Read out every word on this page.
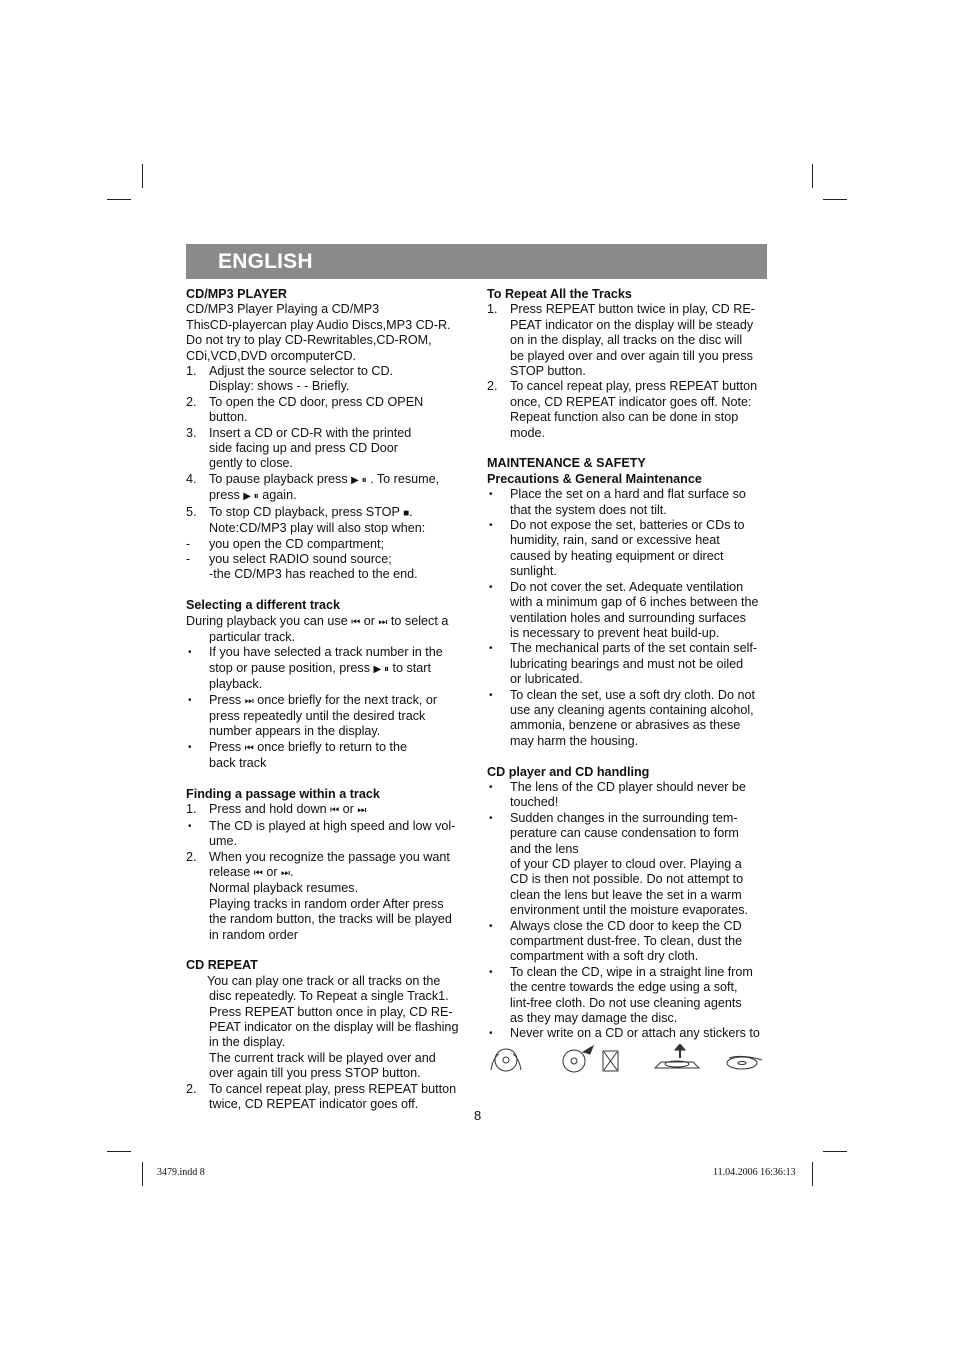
ENGLISH
CD/MP3 PLAYER
CD/MP3 Player Playing a CD/MP3
ThisCD-playercan play Audio Discs,MP3 CD-R.
Do not try to play CD-Rewritables,CD-ROM,
CDi,VCD,DVD orcomputerCD.
1. Adjust the source selector to CD.
Display: shows - - Briefly.
2. To open the CD door, press CD OPEN
button.
3. Insert a CD or CD-R with the printed
side facing up and press CD Door
gently to close.
4. To pause playback press ▶ ⏸ . To resume,
press ▶ ⏸ again.
5. To stop CD playback, press STOP ■.
Note:CD/MP3 play will also stop when:
- you open the CD compartment;
- you select RADIO sound source;
-the CD/MP3 has reached to the end.
Selecting a different track
During playback you can use ⏮ or ⏭ to select a
particular track.
• If you have selected a track number in the
stop or pause position, press ▶ ⏸ to start
playback.
• Press ⏭ once briefly for the next track, or
press repeatedly until the desired track
number appears in the display.
• Press ⏮ once briefly to return to the
back track
Finding a passage within a track
1. Press and hold down ⏮ or ⏭
• The CD is played at high speed and low vol-
ume.
2. When you recognize the passage you want
release ⏮ or ⏭.
Normal playback resumes.
Playing tracks in random order After press
the random button, the tracks will be played
in random order
CD REPEAT
You can play one track or all tracks on the
disc repeatedly. To Repeat a single Track1.
Press REPEAT button once in play, CD RE-
PEAT indicator on the display will be flashing
in the display.
The current track will be played over and
over again till you press STOP button.
2. To cancel repeat play, press REPEAT button
twice, CD REPEAT indicator goes off.
To Repeat All the Tracks
1. Press REPEAT button twice in play, CD RE-
PEAT indicator on the display will be steady
on in the display, all tracks on the disc will
be played over and over again till you press
STOP button.
2. To cancel repeat play, press REPEAT button
once, CD REPEAT indicator goes off. Note:
Repeat function also can be done in stop
mode.
MAINTENANCE & SAFETY
Precautions & General Maintenance
• Place the set on a hard and flat surface so
that the system does not tilt.
• Do not expose the set, batteries or CDs to
humidity, rain, sand or excessive heat
caused by heating equipment or direct
sunlight.
• Do not cover the set. Adequate ventilation
with a minimum gap of 6 inches between the
ventilation holes and surrounding surfaces
is necessary to prevent heat build-up.
• The mechanical parts of the set contain self-
lubricating bearings and must not be oiled
or lubricated.
• To clean the set, use a soft dry cloth. Do not
use any cleaning agents containing alcohol,
ammonia, benzene or abrasives as these
may harm the housing.
CD player and CD handling
• The lens of the CD player should never be
touched!
• Sudden changes in the surrounding tem-
perature can cause condensation to form
and the lens
of your CD player to cloud over. Playing a
CD is then not possible. Do not attempt to
clean the lens but leave the set in a warm
environment until the moisture evaporates.
• Always close the CD door to keep the CD
compartment dust-free. To clean, dust the
compartment with a soft dry cloth.
• To clean the CD, wipe in a straight line from
the centre towards the edge using a soft,
lint-free cloth. Do not use cleaning agents
as they may damage the disc.
• Never write on a CD or attach any stickers to
8
3479.indd 8	11.04.2006 16:36:13
